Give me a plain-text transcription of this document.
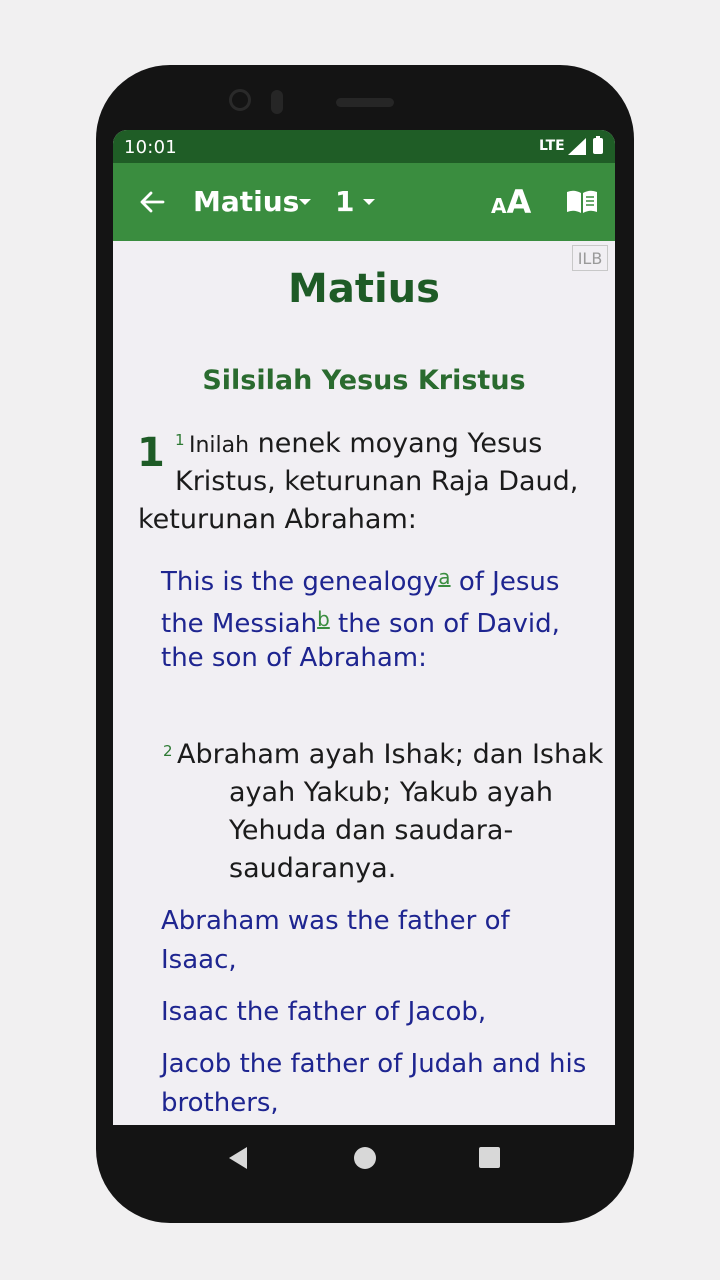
10:01	LTE
Matius 1	AA
ILB
Matius
Silsilah Yesus Kristus
1 1 Inilah nenek moyang Yesus
Kristus, keturunan Raja Daud,
keturunan Abraham:
This is the genealogy$^a$ of Jesus
the Messiah$^b$ the son of David,
the son of Abraham:
2 Abraham ayah Ishak; dan Ishak
ayah Yakub; Yakub ayah
Yehuda dan saudara-
saudaranya.
Abraham was the father of
Isaac,
Isaac the father of Jacob,
Jacob the father of Judah and his
brothers,
